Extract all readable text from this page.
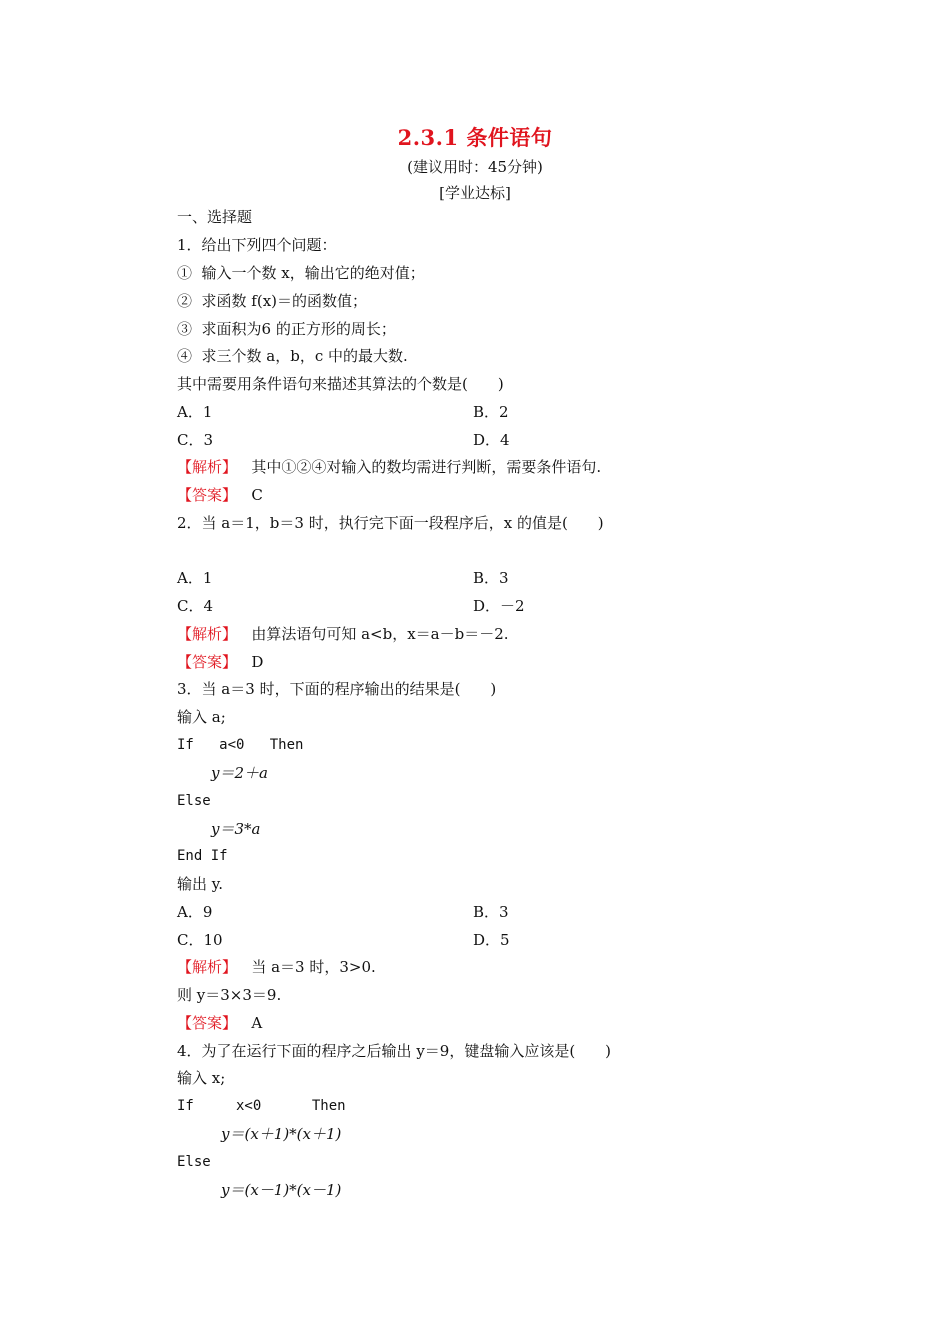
2.3.1 条件语句
(建议用时：45分钟)
[学业达标]
一、选择题
1．给出下列四个问题：
①  输入一个数 x，输出它的绝对值；
②  求函数 f(x)＝的函数值；
③  求面积为6 的正方形的周长；
④  求三个数 a，b，c 中的最大数.
其中需要用条件语句来描述其算法的个数是(　　)
A．1	B．2
C．3	D．4
【解析】 其中①②④对输入的数均需进行判断，需要条件语句.
【答案】 C
2．当 a＝1，b＝3 时，执行完下面一段程序后，x 的值是(　　)
A．1	B．3
C．4	D．－2
【解析】 由算法语句可知 a<b，x＝a－b＝－2.
【答案】 D
3．当 a＝3 时，下面的程序输出的结果是(　　)
输入 a;
If   a<0   Then
y＝2＋a
Else
y＝3*a
End If
输出 y.
A．9	B．3
C．10	D．5
【解析】 当 a＝3 时，3>0.
则 y＝3×3＝9.
【答案】 A
4．为了在运行下面的程序之后输出 y＝9，键盘输入应该是(　　)
输入 x;
If     x<0      Then
y＝(x＋1)*(x＋1)
Else
y＝(x－1)*(x－1)
